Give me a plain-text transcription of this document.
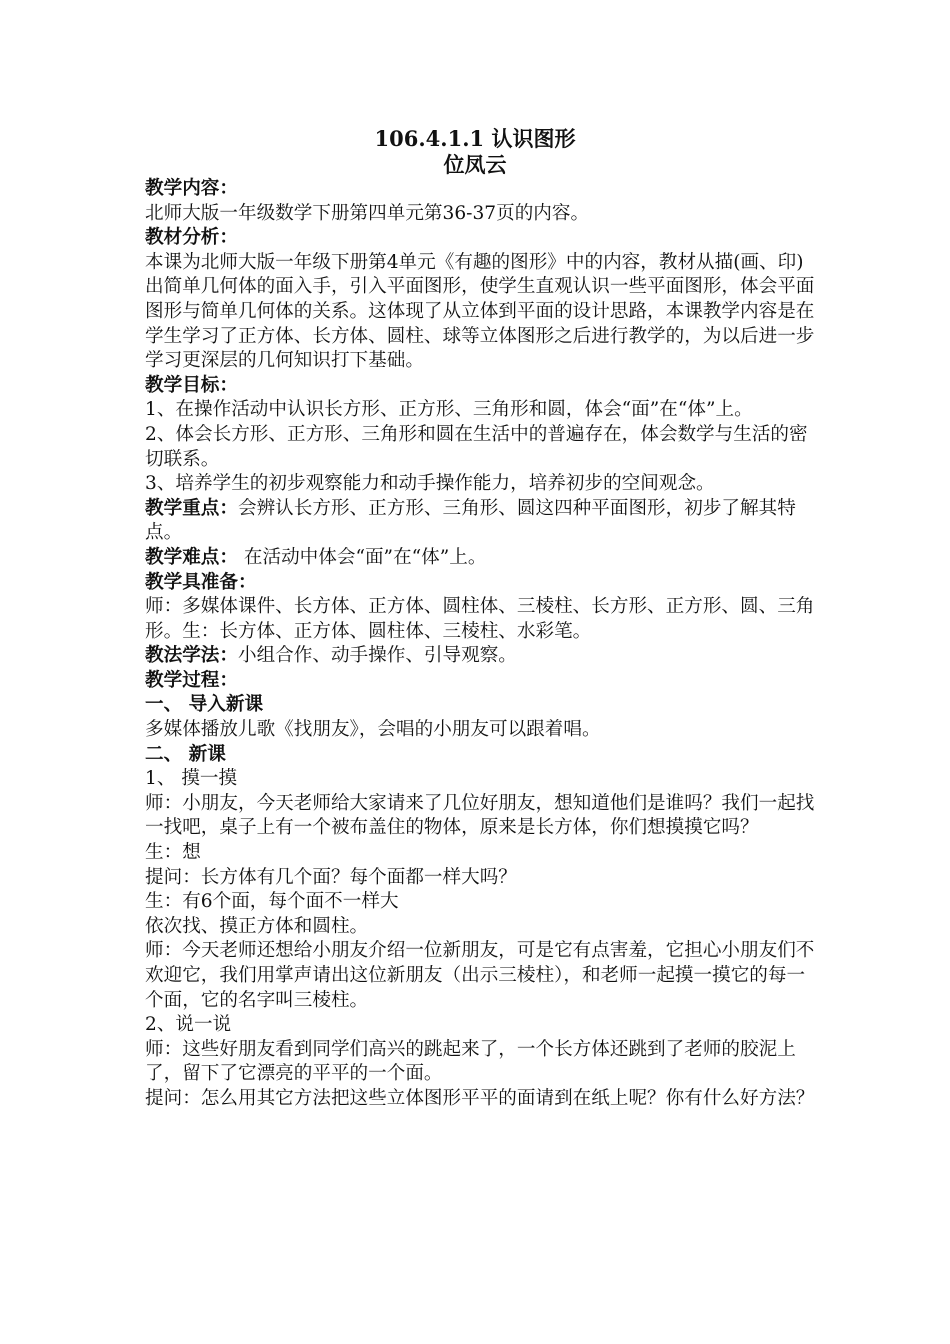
106.4.1.1 认识图形
位凤云

教学内容：

北师大版一年级数学下册第四单元第36-37页的内容。

教材分析：

本课为北师大版一年级下册第4单元《有趣的图形》中的内容，教材从描(画、印)出简单几何体的面入手，引入平面图形，使学生直观认识一些平面图形，体会平面图形与简单几何体的关系。这体现了从立体到平面的设计思路，本课教学内容是在学生学习了正方体、长方体、圆柱、球等立体图形之后进行教学的，为以后进一步学习更深层的几何知识打下基础。

教学目标：

1、在操作活动中认识长方形、正方形、三角形和圆，体会“面”在“体”上。

2、体会长方形、正方形、三角形和圆在生活中的普遍存在，体会数学与生活的密切联系。

3、培养学生的初步观察能力和动手操作能力，培养初步的空间观念。

教学重点：会辨认长方形、正方形、三角形、圆这四种平面图形，初步了解其特点。

教学难点： 在活动中体会“面”在“体”上。

教学具准备：

师：多媒体课件、长方体、正方体、圆柱体、三棱柱、长方形、正方形、圆、三角形。生：长方体、正方体、圆柱体、三棱柱、水彩笔。

教法学法：小组合作、动手操作、引导观察。

教学过程：

一、 导入新课

多媒体播放儿歌《找朋友》，会唱的小朋友可以跟着唱。

二、 新课

1、 摸一摸

师：小朋友，今天老师给大家请来了几位好朋友，想知道他们是谁吗？我们一起找一找吧，桌子上有一个被布盖住的物体，原来是长方体，你们想摸摸它吗？

生：想

提问：长方体有几个面？每个面都一样大吗？

生：有6个面，每个面不一样大

依次找、摸正方体和圆柱。

师：今天老师还想给小朋友介绍一位新朋友，可是它有点害羞，它担心小朋友们不欢迎它，我们用掌声请出这位新朋友（出示三棱柱），和老师一起摸一摸它的每一个面，它的名字叫三棱柱。

2、说一说

师：这些好朋友看到同学们高兴的跳起来了，一个长方体还跳到了老师的胶泥上了，留下了它漂亮的平平的一个面。

提问：怎么用其它方法把这些立体图形平平的面请到在纸上呢？你有什么好方法？
